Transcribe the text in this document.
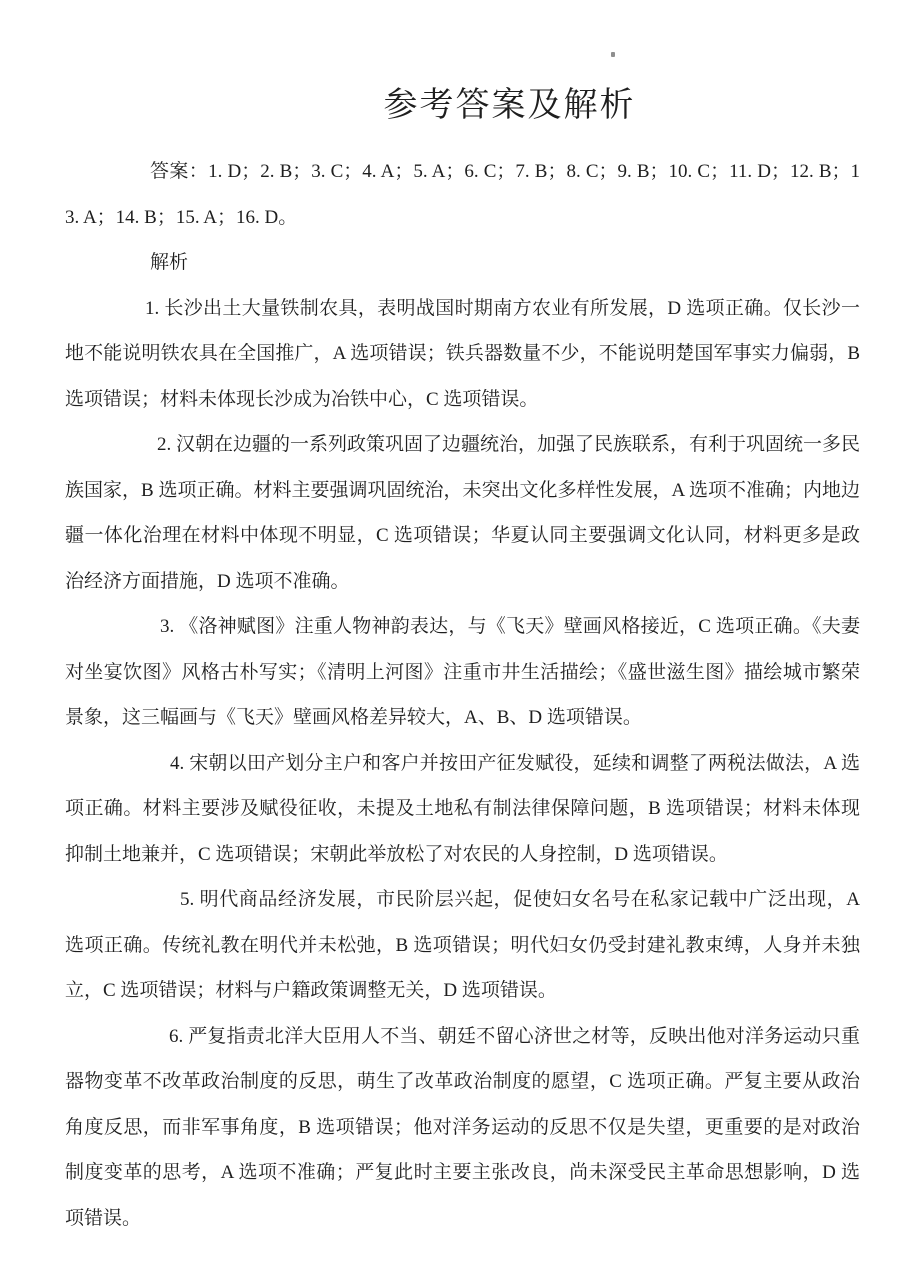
参考答案及解析

答案：1. D；2. B；3. C；4. A；5. A；6. C；7. B；8. C；9. B；10. C；11. D；12. B；13. A；14. B；15. A；16. D。

解析

1. 长沙出土大量铁制农具，表明战国时期南方农业有所发展，D 选项正确。仅长沙一地不能说明铁农具在全国推广，A 选项错误；铁兵器数量不少，不能说明楚国军事实力偏弱，B 选项错误；材料未体现长沙成为冶铁中心，C 选项错误。

2. 汉朝在边疆的一系列政策巩固了边疆统治，加强了民族联系，有利于巩固统一多民族国家，B 选项正确。材料主要强调巩固统治，未突出文化多样性发展，A 选项不准确；内地边疆一体化治理在材料中体现不明显，C 选项错误；华夏认同主要强调文化认同，材料更多是政治经济方面措施，D 选项不准确。

3. 《洛神赋图》注重人物神韵表达，与《飞天》壁画风格接近，C 选项正确。《夫妻对坐宴饮图》风格古朴写实；《清明上河图》注重市井生活描绘；《盛世滋生图》描绘城市繁荣景象，这三幅画与《飞天》壁画风格差异较大，A、B、D 选项错误。

4. 宋朝以田产划分主户和客户并按田产征发赋役，延续和调整了两税法做法，A 选项正确。材料主要涉及赋役征收，未提及土地私有制法律保障问题，B 选项错误；材料未体现抑制土地兼并，C 选项错误；宋朝此举放松了对农民的人身控制，D 选项错误。

5. 明代商品经济发展，市民阶层兴起，促使妇女名号在私家记载中广泛出现，A 选项正确。传统礼教在明代并未松弛，B 选项错误；明代妇女仍受封建礼教束缚，人身并未独立，C 选项错误；材料与户籍政策调整无关，D 选项错误。

6. 严复指责北洋大臣用人不当、朝廷不留心济世之材等，反映出他对洋务运动只重器物变革不改革政治制度的反思，萌生了改革政治制度的愿望，C 选项正确。严复主要从政治角度反思，而非军事角度，B 选项错误；他对洋务运动的反思不仅是失望，更重要的是对政治制度变革的思考，A 选项不准确；严复此时主要主张改良，尚未深受民主革命思想影响，D 选项错误。
